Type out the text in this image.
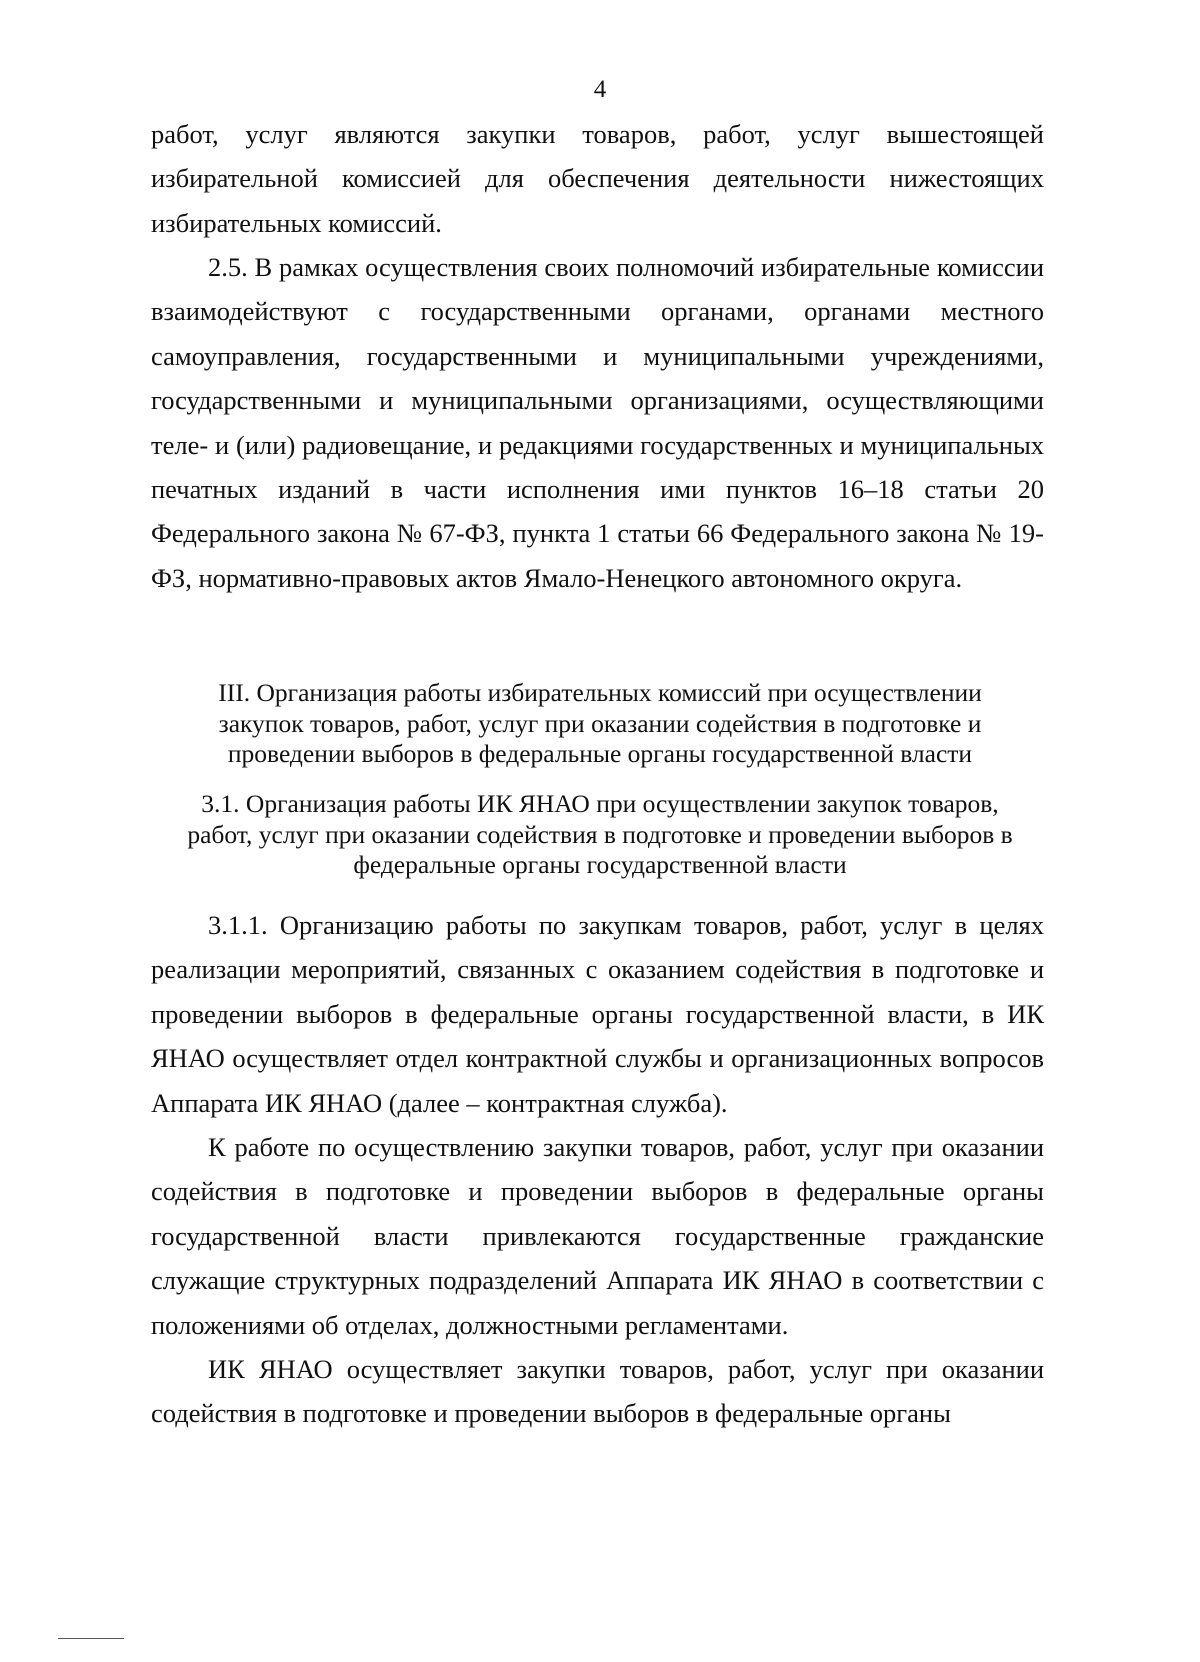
4

работ, услуг являются закупки товаров, работ, услуг вышестоящей избирательной комиссией для обеспечения деятельности нижестоящих избирательных комиссий.

2.5. В рамках осуществления своих полномочий избирательные комиссии взаимодействуют с государственными органами, органами местного самоуправления, государственными и муниципальными учреждениями, государственными и муниципальными организациями, осуществляющими теле- и (или) радиовещание, и редакциями государственных и муниципальных печатных изданий в части исполнения ими пунктов 16–18 статьи 20 Федерального закона № 67-ФЗ, пункта 1 статьи 66 Федерального закона № 19-ФЗ, нормативно-правовых актов Ямало-Ненецкого автономного округа.

III. Организация работы избирательных комиссий при осуществлении
закупок товаров, работ, услуг при оказании содействия в подготовке и
проведении выборов в федеральные органы государственной власти
3.1. Организация работы ИК ЯНАО при осуществлении закупок товаров,
работ, услуг при оказании содействия в подготовке и проведении выборов в
федеральные органы государственной власти

3.1.1. Организацию работы по закупкам товаров, работ, услуг в целях реализации мероприятий, связанных с оказанием содействия в подготовке и проведении выборов в федеральные органы государственной власти, в ИК ЯНАО осуществляет отдел контрактной службы и организационных вопросов Аппарата ИК ЯНАО (далее – контрактная служба).

К работе по осуществлению закупки товаров, работ, услуг при оказании содействия в подготовке и проведении выборов в федеральные органы государственной власти привлекаются государственные гражданские служащие структурных подразделений Аппарата ИК ЯНАО в соответствии с положениями об отделах, должностными регламентами.

ИК ЯНАО осуществляет закупки товаров, работ, услуг при оказании содействия в подготовке и проведении выборов в федеральные органы
